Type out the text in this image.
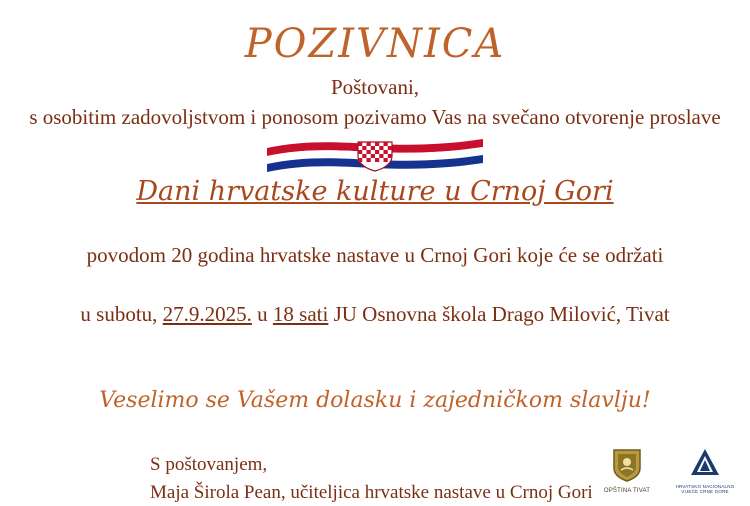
POZIVNICA
Poštovani,
s osobitim zadovoljstvom i ponosom pozivamo Vas na svečano otvorenje proslave
Dani hrvatske kulture u Crnoj Gori
povodom 20 godina hrvatske nastave u Crnoj Gori koje će se održati
u subotu, 27.9.2025. u 18 sati JU Osnovna škola Drago Milović, Tivat
Veselimo se Vašem dolasku i zajedničkom slavlju!
S poštovanjem,
Maja Širola Pean, učiteljica hrvatske nastave u Crnoj Gori	OPŠTINA TIVAT
HRVATSKO NACIONALNO VIJEĆE CRNE GORE
